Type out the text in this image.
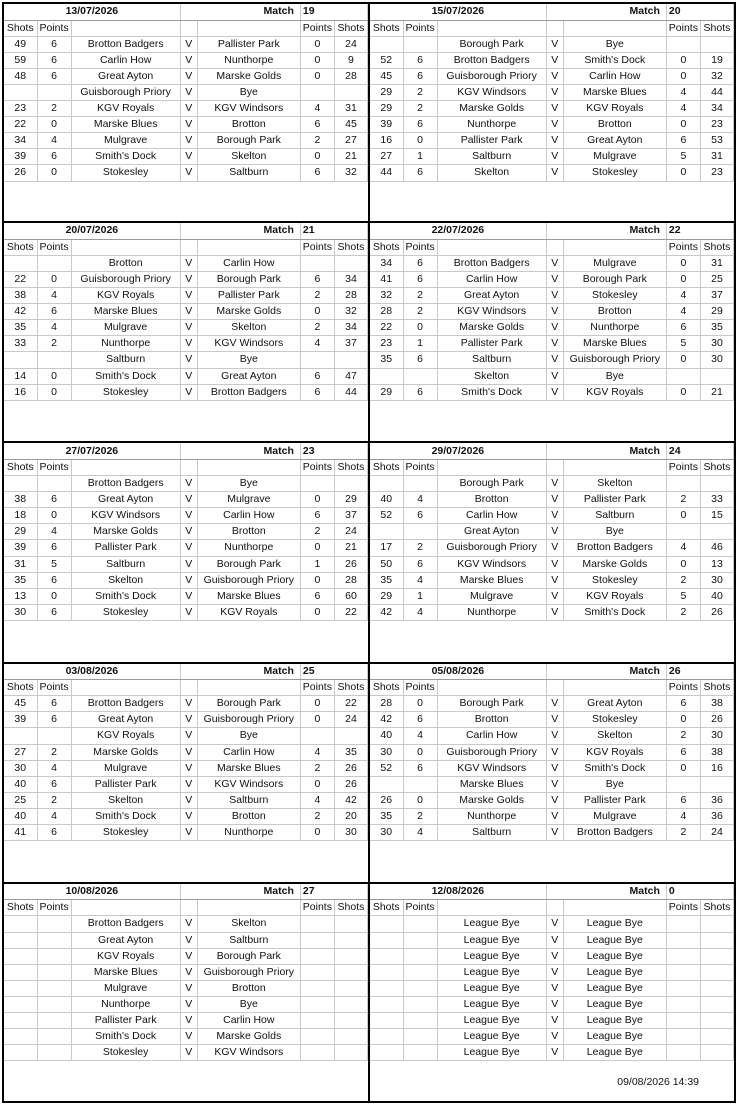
13/07/2026			Match		19	
Shots	Points				Points	Shots
49	6	Brotton Badgers	V	Pallister Park	0	24
59	6	Carlin How	V	Nunthorpe	0	9
48	6	Great Ayton	V	Marske Golds	0	28
		Guisborough Priory	V	Bye		
23	2	KGV Royals	V	KGV Windsors	4	31
22	0	Marske Blues	V	Brotton	6	45
34	4	Mulgrave	V	Borough Park	2	27
39	6	Smith's Dock	V	Skelton	0	21
26	0	Stokesley	V	Saltburn	6	32
15/07/2026			Match		20	
Shots	Points				Points	Shots
		Borough Park	V	Bye		
52	6	Brotton Badgers	V	Smith's Dock	0	19
45	6	Guisborough Priory	V	Carlin How	0	32
29	2	KGV Windsors	V	Marske Blues	4	44
29	2	Marske Golds	V	KGV Royals	4	34
39	6	Nunthorpe	V	Brotton	0	23
16	0	Pallister Park	V	Great Ayton	6	53
27	1	Saltburn	V	Mulgrave	5	31
44	6	Skelton	V	Stokesley	0	23
20/07/2026			Match		21	
Shots	Points				Points	Shots
		Brotton	V	Carlin How		
22	0	Guisborough Priory	V	Borough Park	6	34
38	4	KGV Royals	V	Pallister Park	2	28
42	6	Marske Blues	V	Marske Golds	0	32
35	4	Mulgrave	V	Skelton	2	34
33	2	Nunthorpe	V	KGV Windsors	4	37
		Saltburn	V	Bye		
14	0	Smith's Dock	V	Great Ayton	6	47
16	0	Stokesley	V	Brotton Badgers	6	44
22/07/2026			Match		22	
Shots	Points				Points	Shots
34	6	Brotton Badgers	V	Mulgrave	0	31
41	6	Carlin How	V	Borough Park	0	25
32	2	Great Ayton	V	Stokesley	4	37
28	2	KGV Windsors	V	Brotton	4	29
22	0	Marske Golds	V	Nunthorpe	6	35
23	1	Pallister Park	V	Marske Blues	5	30
35	6	Saltburn	V	Guisborough Priory	0	30
		Skelton	V	Bye		
29	6	Smith's Dock	V	KGV Royals	0	21
27/07/2026			Match		23	
Shots	Points				Points	Shots
		Brotton Badgers	V	Bye		
38	6	Great Ayton	V	Mulgrave	0	29
18	0	KGV Windsors	V	Carlin How	6	37
29	4	Marske Golds	V	Brotton	2	24
39	6	Pallister Park	V	Nunthorpe	0	21
31	5	Saltburn	V	Borough Park	1	26
35	6	Skelton	V	Guisborough Priory	0	28
13	0	Smith's Dock	V	Marske Blues	6	60
30	6	Stokesley	V	KGV Royals	0	22
29/07/2026			Match		24	
Shots	Points				Points	Shots
		Borough Park	V	Skelton		
40	4	Brotton	V	Pallister Park	2	33
52	6	Carlin How	V	Saltburn	0	15
		Great Ayton	V	Bye		
17	2	Guisborough Priory	V	Brotton Badgers	4	46
50	6	KGV Windsors	V	Marske Golds	0	13
35	4	Marske Blues	V	Stokesley	2	30
29	1	Mulgrave	V	KGV Royals	5	40
42	4	Nunthorpe	V	Smith's Dock	2	26
03/08/2026			Match		25	
Shots	Points				Points	Shots
45	6	Brotton Badgers	V	Borough Park	0	22
39	6	Great Ayton	V	Guisborough Priory	0	24
		KGV Royals	V	Bye		
27	2	Marske Golds	V	Carlin How	4	35
30	4	Mulgrave	V	Marske Blues	2	26
40	6	Pallister Park	V	KGV Windsors	0	26
25	2	Skelton	V	Saltburn	4	42
40	4	Smith's Dock	V	Brotton	2	20
41	6	Stokesley	V	Nunthorpe	0	30
05/08/2026			Match		26	
Shots	Points				Points	Shots
28	0	Borough Park	V	Great Ayton	6	38
42	6	Brotton	V	Stokesley	0	26
40	4	Carlin How	V	Skelton	2	30
30	0	Guisborough Priory	V	KGV Royals	6	38
52	6	KGV Windsors	V	Smith's Dock	0	16
		Marske Blues	V	Bye		
26	0	Marske Golds	V	Pallister Park	6	36
35	2	Nunthorpe	V	Mulgrave	4	36
30	4	Saltburn	V	Brotton Badgers	2	24
10/08/2026			Match		27	
Shots	Points				Points	Shots
		Brotton Badgers	V	Skelton		
		Great Ayton	V	Saltburn		
		KGV Royals	V	Borough Park		
		Marske Blues	V	Guisborough Priory		
		Mulgrave	V	Brotton		
		Nunthorpe	V	Bye		
		Pallister Park	V	Carlin How		
		Smith's Dock	V	Marske Golds		
		Stokesley	V	KGV Windsors		
12/08/2026			Match		0	
Shots	Points				Points	Shots
		League Bye	V	League Bye		
		League Bye	V	League Bye		
		League Bye	V	League Bye		
		League Bye	V	League Bye		
		League Bye	V	League Bye		
		League Bye	V	League Bye		
		League Bye	V	League Bye		
		League Bye	V	League Bye		
		League Bye	V	League Bye		
09/08/2026 14:39
